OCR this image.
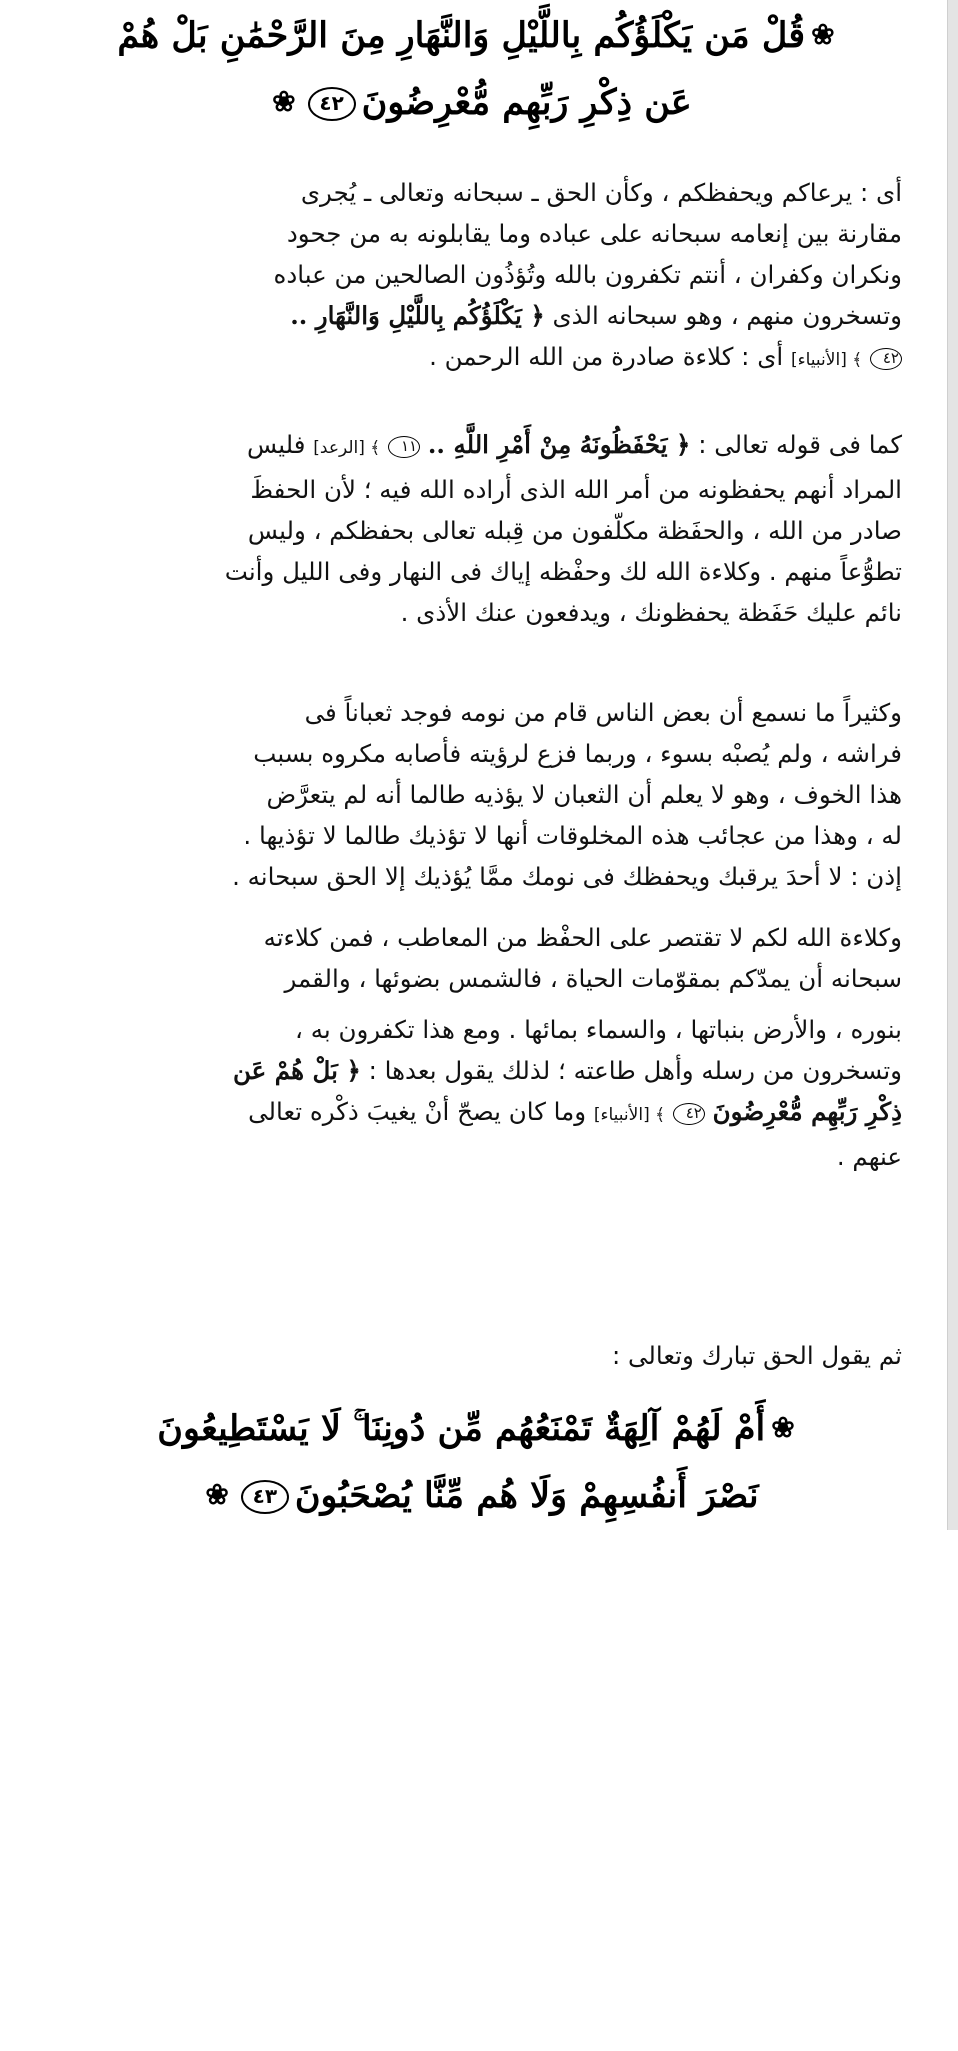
❀قُلْ مَن يَكْلَؤُكُم بِاللَّيْلِ وَالنَّهَارِ مِنَ الرَّحْمَٰنِ بَلْ هُمْ
عَن ذِكْرِ رَبِّهِم مُّعْرِضُونَ٤٢❀

أى : يرعاكم ويحفظكم ، وكأن الحق ـ سبحانه وتعالى ـ يُجرى
مقارنة بين إنعامه سبحانه على عباده وما يقابلونه به من جحود
ونكران وكفران ، أنتم تكفرون بالله وتُؤذُون الصالحين من عباده
وتسخرون منهم ، وهو سبحانه الذى ﴿ يَكْلَؤُكُم بِاللَّيْلِ وَالنَّهَارِ ..
٤٢ ﴾ [الأنبياء] أى : كلاءة صادرة من الله الرحمن .

كما فى قوله تعالى : ﴿ يَحْفَظُونَهُ مِنْ أَمْرِ اللَّهِ .. ١١ ﴾ [الرعد] فليس
المراد أنهم يحفظونه من أمر الله الذى أراده الله فيه ؛ لأن الحفظَ
صادر من الله ، والحفَظة مكلّفون من قِبله تعالى بحفظكم ، وليس
تطوُّعاً منهم . وكلاءة الله لك وحفْظه إياك فى النهار وفى الليل وأنت
نائم عليك حَفَظة يحفظونك ، ويدفعون عنك الأذى .

وكثيراً ما نسمع أن بعض الناس قام من نومه فوجد ثعباناً فى
فراشه ، ولم يُصبْه بسوء ، وربما فزع لرؤيته فأصابه مكروه بسبب
هذا الخوف ، وهو لا يعلم أن الثعبان لا يؤذيه طالما أنه لم يتعرَّض
له ، وهذا من عجائب هذه المخلوقات أنها لا تؤذيك طالما لا تؤذيها .
إذن : لا أحدَ يرقبك ويحفظك فى نومك ممَّا يُؤذيك إلا الحق سبحانه .

وكلاءة الله لكم لا تقتصر على الحفْظ من المعاطب ، فمن كلاءته
سبحانه أن يمدّكم بمقوّمات الحياة ، فالشمس بضوئها ، والقمر
بنوره ، والأرض بنباتها ، والسماء بمائها . ومع هذا تكفرون به ،
وتسخرون من رسله وأهل طاعته ؛ لذلك يقول بعدها : ﴿ بَلْ هُمْ عَن
ذِكْرِ رَبِّهِم مُّعْرِضُونَ ٤٢ ﴾ [الأنبياء] وما كان يصحّ أنْ يغيبَ ذكْره تعالى
عنهم .

ثم يقول الحق تبارك وتعالى :

❀أَمْ لَهُمْ آلِهَةٌ تَمْنَعُهُم مِّن دُونِنَا ۚ لَا يَسْتَطِيعُونَ
نَصْرَ أَنفُسِهِمْ وَلَا هُم مِّنَّا يُصْحَبُونَ٤٣❀
